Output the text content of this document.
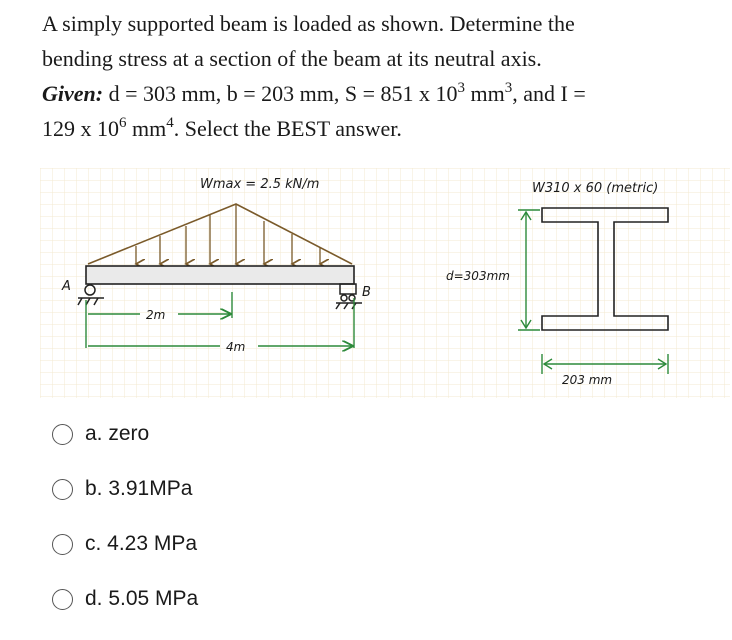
A simply supported beam is loaded as shown. Determine the

bending stress at a section of the beam at its neutral axis.

Given: d = 303 mm, b = 203 mm, S = 851 x $10^3$ $mm^3$, and I =

129 x $10^6$ $mm^4$. Select the BEST answer.

Wmax = 2.5 kN/m
A	B
2m
4m
W310 x 60 (metric)
d=303mm
203 mm
a. zero
b. 3.91MPa
c. 4.23 MPa
d. 5.05 MPa
